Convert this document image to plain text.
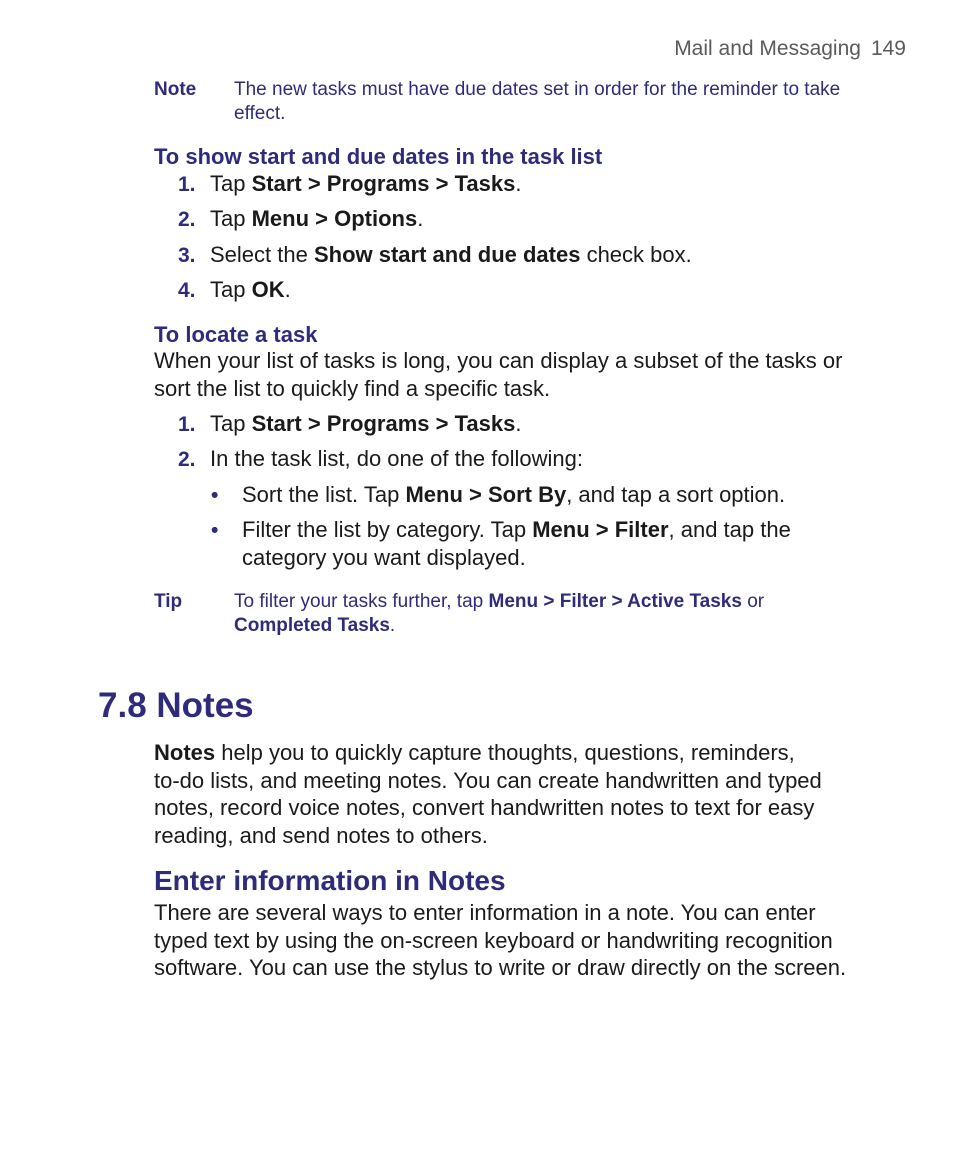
Mail and Messaging 149
Note The new tasks must have due dates set in order for the reminder to take
effect.
To show start and due dates in the task list
1. Tap Start > Programs > Tasks.
2. Tap Menu > Options.
3. Select the Show start and due dates check box.
4. Tap OK.
To locate a task
When your list of tasks is long, you can display a subset of the tasks or
sort the list to quickly find a specific task.
1. Tap Start > Programs > Tasks.
2. In the task list, do one of the following:
• Sort the list. Tap Menu > Sort By, and tap a sort option.
• Filter the list by category. Tap Menu > Filter, and tap the
category you want displayed.
Tip	To filter your tasks further, tap Menu > Filter > Active Tasks or
Completed Tasks.
7.8 Notes
Notes help you to quickly capture thoughts, questions, reminders,
to-do lists, and meeting notes. You can create handwritten and typed
notes, record voice notes, convert handwritten notes to text for easy
reading, and send notes to others.
Enter information in Notes
There are several ways to enter information in a note. You can enter
typed text by using the on-screen keyboard or handwriting recognition
software. You can use the stylus to write or draw directly on the screen.
